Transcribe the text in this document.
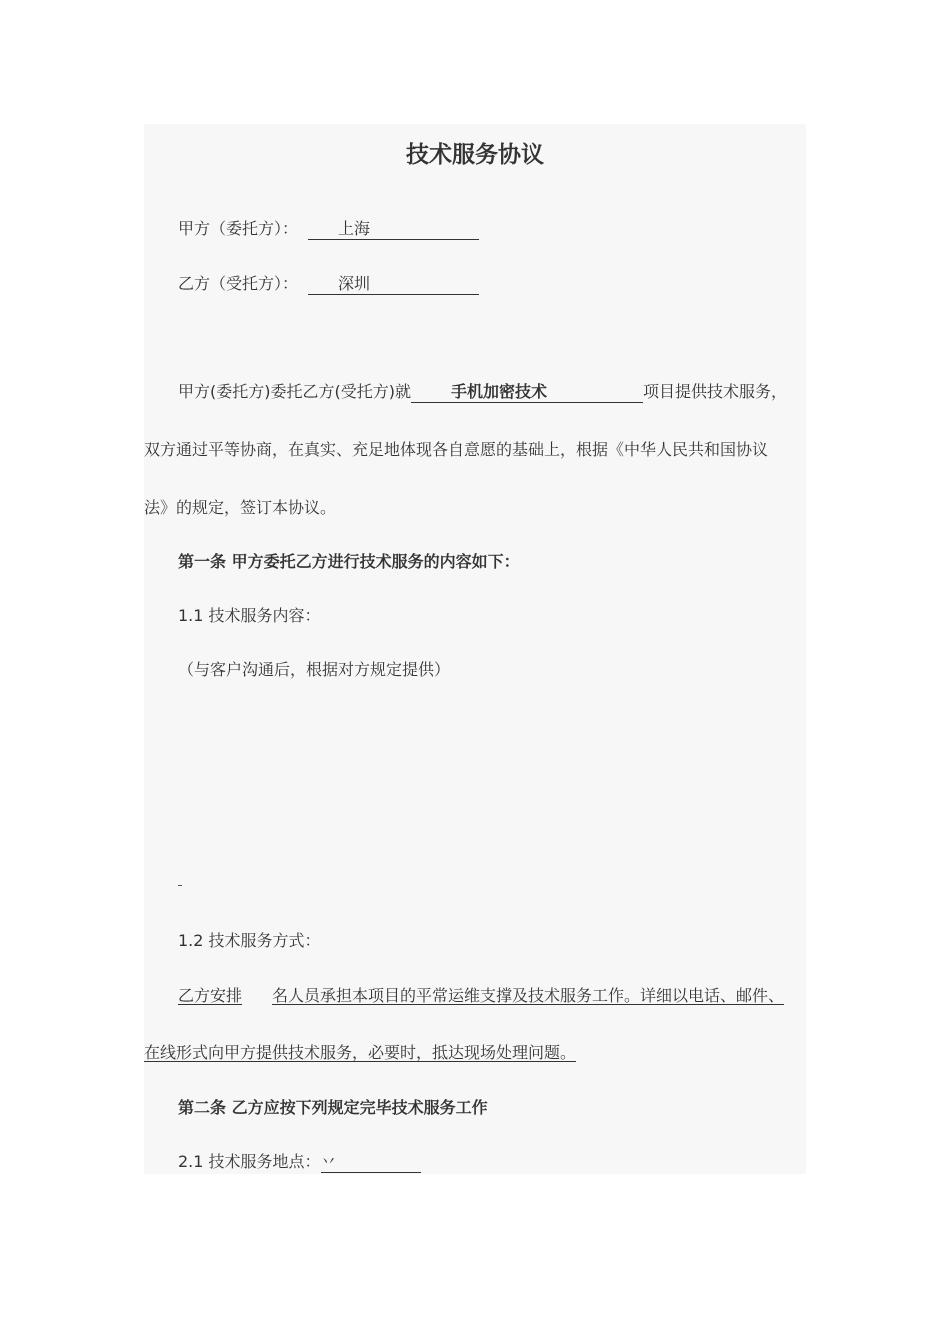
技术服务协议
甲方（委托方）：	上海
乙方（受托方）：	深圳
甲方(委托方)委托乙方(受托方)就	手机加密技术	项目提供技术服务，
双方通过平等协商，在真实、充足地体现各自意愿的基础上，根据《中华人民共和国协议
法》的规定，签订本协议。
第一条 甲方委托乙方进行技术服务的内容如下：
1.1 技术服务内容：
（与客户沟通后，根据对方规定提供）
1.2 技术服务方式：
乙方安排 名人员承担本项目的平常运维支撑及技术服务工作。详细以电话、邮件、
在线形式向甲方提供技术服务，必要时，抵达现场处理问题。
第二条 乙方应按下列规定完毕技术服务工作
2.1 技术服务地点：丷
